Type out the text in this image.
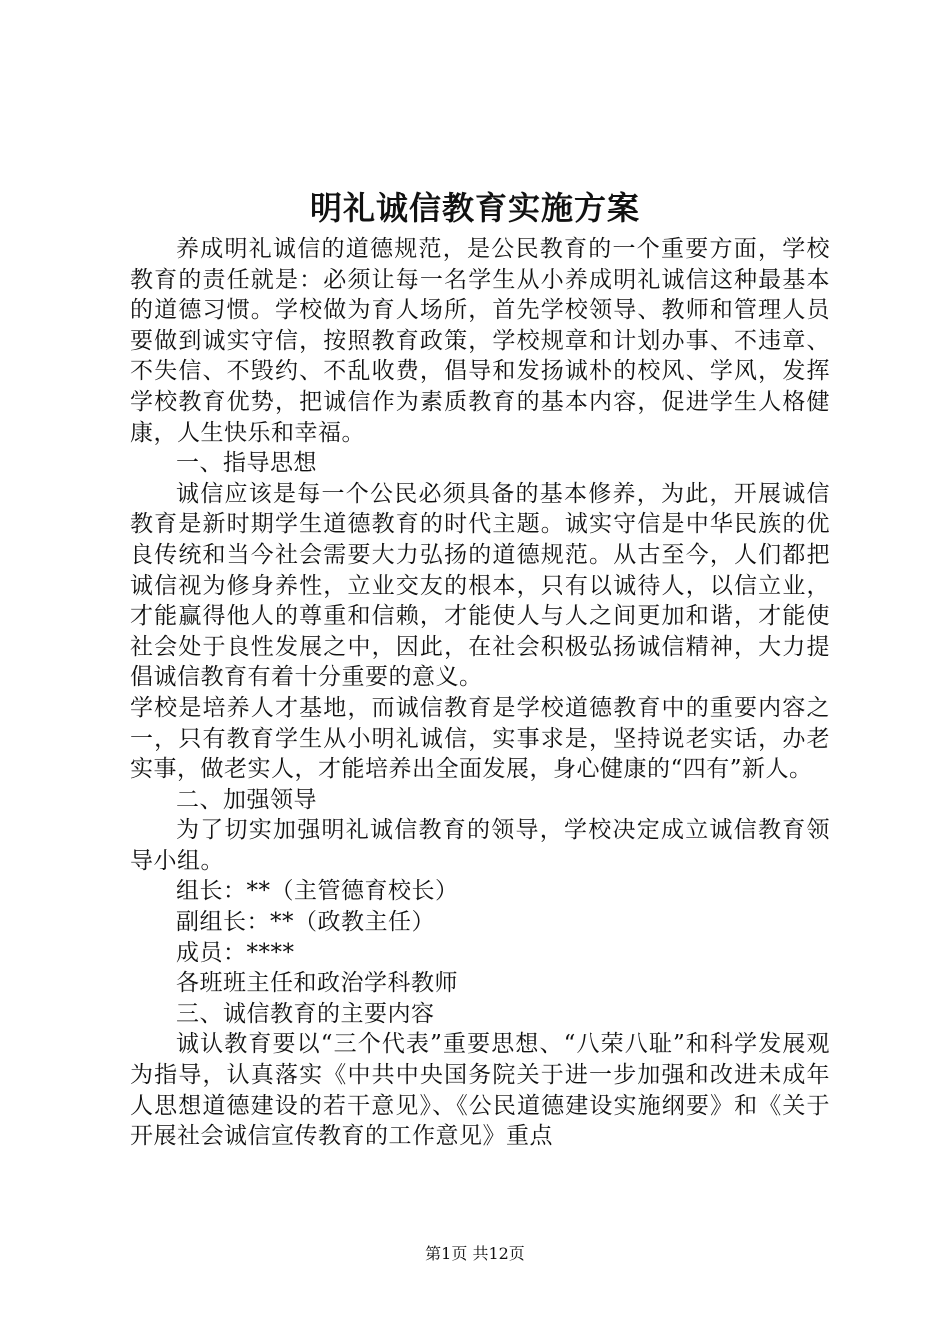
明礼诚信教育实施方案

养成明礼诚信的道德规范，是公民教育的一个重要方面，学校教育的责任就是：必须让每一名学生从小养成明礼诚信这种最基本的道德习惯。学校做为育人场所，首先学校领导、教师和管理人员要做到诚实守信，按照教育政策，学校规章和计划办事、不违章、不失信、不毁约、不乱收费，倡导和发扬诚朴的校风、学风，发挥学校教育优势，把诚信作为素质教育的基本内容，促进学生人格健康，人生快乐和幸福。

一、指导思想

诚信应该是每一个公民必须具备的基本修养，为此，开展诚信教育是新时期学生道德教育的时代主题。诚实守信是中华民族的优良传统和当今社会需要大力弘扬的道德规范。从古至今，人们都把诚信视为修身养性，立业交友的根本，只有以诚待人，以信立业，才能赢得他人的尊重和信赖，才能使人与人之间更加和谐，才能使社会处于良性发展之中，因此，在社会积极弘扬诚信精神，大力提倡诚信教育有着十分重要的意义。

学校是培养人才基地，而诚信教育是学校道德教育中的重要内容之一，只有教育学生从小明礼诚信，实事求是，坚持说老实话，办老实事，做老实人，才能培养出全面发展，身心健康的“四有”新人。

二、加强领导

为了切实加强明礼诚信教育的领导，学校决定成立诚信教育领导小组。

组长：**（主管德育校长）

副组长：**（政教主任）

成员：****

各班班主任和政治学科教师

三、诚信教育的主要内容

诚认教育要以“三个代表”重要思想、“八荣八耻”和科学发展观为指导，认真落实《中共中央国务院关于进一步加强和改进未成年人思想道德建设的若干意见》、《公民道德建设实施纲要》和《关于开展社会诚信宣传教育的工作意见》重点

第1页 共12页
